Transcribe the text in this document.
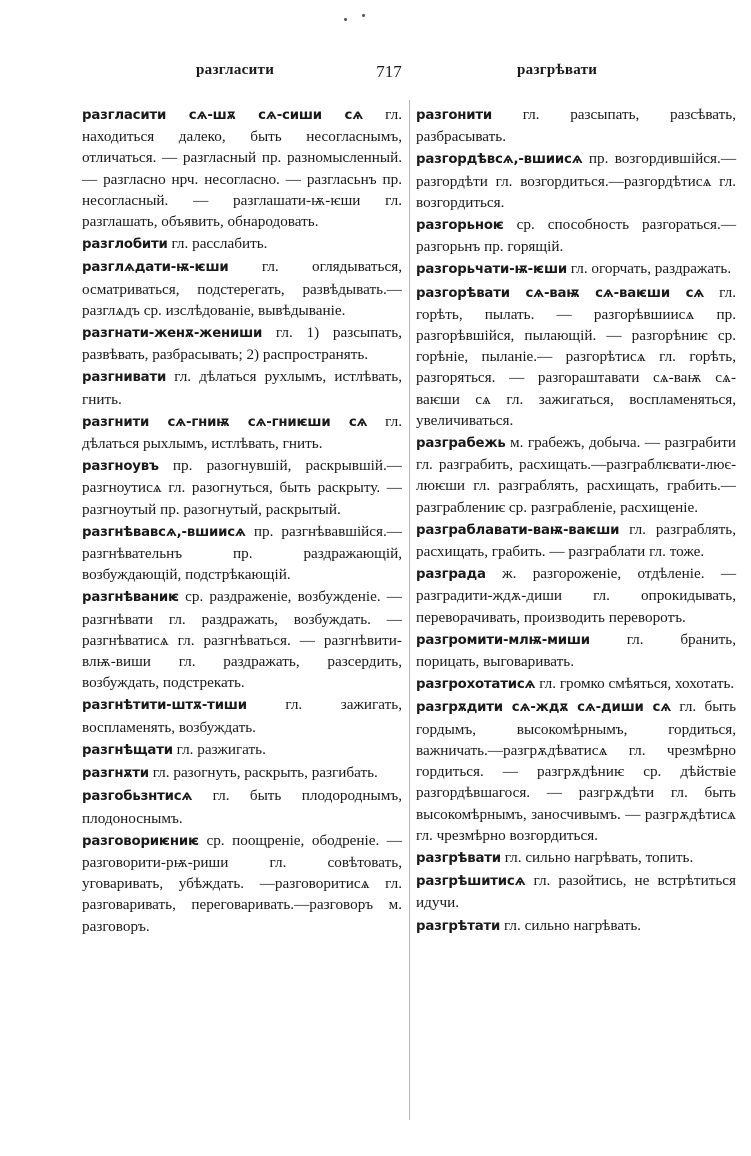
разгласити	717	разгрѣвати

разгласити сѧ-шѫ сѧ-сиши сѧ гл. находиться далеко, быть несогласнымъ, отличаться. — разгласный пр. разномысленный. — разгласно нрч. несогласно. — разгласьнъ пр. несогласный. — разглашати-ѭ-ѥши гл. разглашать, объявить, обнародовать.

разглобити гл. расслабить.

разглѧдати-ѭ-ѥши гл. оглядываться, осматриваться, подстерегать, развѣдывать.—разглѧдъ ср. изслѣдованіе, вывѣдываніе.

разгнати-женѫ-жениши гл. 1) разсыпать, развѣвать, разбрасывать; 2) распространять.

разгнивати гл. дѣлаться рухлымъ, истлѣвать, гнить.

разгнити сѧ-гниѭ сѧ-гниѥши сѧ гл. дѣлаться рыхлымъ, истлѣвать, гнить.

разгноувъ пр. разогнувшій, раскрывшій.—разгноутисѧ гл. разогнуться, быть раскрыту. — разгноутый пр. разогнутый, раскрытый.

разгнѣвавсѧ,-вшиисѧ пр. разгнѣвавшійся.—разгнѣвательнъ пр. раздражающій, возбуждающій, подстрѣкающій.

разгнѣваниѥ ср. раздраженіе, возбужденіе. — разгнѣвати гл. раздражать, возбуждать. — разгнѣватисѧ гл. разгнѣваться. — разгнѣвити-влѭ-виши гл. раздражать, разсердить, возбуждать, подстрекать.

разгнѣтити-штѫ-тиши	гл. зажигать, воспламенять, возбуждать.

разгнѣщати гл. разжигать.

разгнѫти гл. разогнуть, раскрыть, разгибать.

разгобьзнтисѧ гл. быть плодороднымъ, плодоноснымъ.

разговориѥниѥ ср. поощреніе, ободреніе. — разговорити-рѭ-риши гл. совѣтовать, уговаривать, убѣждать. —разговоритисѧ гл. разговаривать, переговаривать.—разговоръ м. разговоръ.

разгонити гл. разсыпать, разсѣвать, разбрасывать.

разгордѣвсѧ,-вшиисѧ пр. возгордившійся.—разгордѣти гл. возгордиться.—разгордѣтисѧ гл. возгордиться.

разгорьноѥ ср. способность разгораться.—разгорьнъ пр. горящій.

разгорьчати-ѭ-ѥши гл. огорчать, раздражать.

разгорѣвати сѧ-ваѭ сѧ-ваѥши сѧ гл. горѣть, пылать. — разгорѣвшиисѧ пр. разгорѣвшійся, пылающій. — разгорѣниѥ ср. горѣніе, пыланіе.— разгорѣтисѧ гл. горѣть, разгоряться. — разгораштавати сѧ-ваѭ сѧ-ваѥши сѧ гл. зажигаться, воспламеняться, увеличиваться.

разграбежь м. грабежъ, добыча. — разграбити гл. разграбить, расхищать.—разграблѥвати-лює-люѥши гл. разграблять, расхищать, грабить.—разграблениѥ ср. разграбленіе, расхищеніе.

разграблавати-ваѭ-ваѥши гл. разграблять, расхищать, грабить. — разграблати гл. тоже.

разграда ж. разгороженіе, отдѣленіе. —разградити-ждѫ-диши гл. опрокидывать, переворачивать, производить переворотъ.

разгромити-млѭ-миши гл. бранить, порицать, выговаривать.

разгрохотатисѧ гл. громко смѣяться, хохотать.

разгрѫдити сѧ-ждѫ сѧ-диши сѧ гл. быть гордымъ, высокомѣрнымъ, гордиться, важничать.—разгрѫдѣватисѧ гл. чрезмѣрно гордиться. — разгрѫдѣниѥ ср. дѣйствіе разгордѣвшагося. — разгрѫдѣти гл. быть высокомѣрнымъ, заносчивымъ. — разгрѫдѣтисѧ гл. чрезмѣрно возгордиться.

разгрѣвати гл. сильно нагрѣвать, топить.

разгрѣшитисѧ гл. разойтись, не встрѣтиться идучи.

разгрѣтати гл. сильно нагрѣвать.
